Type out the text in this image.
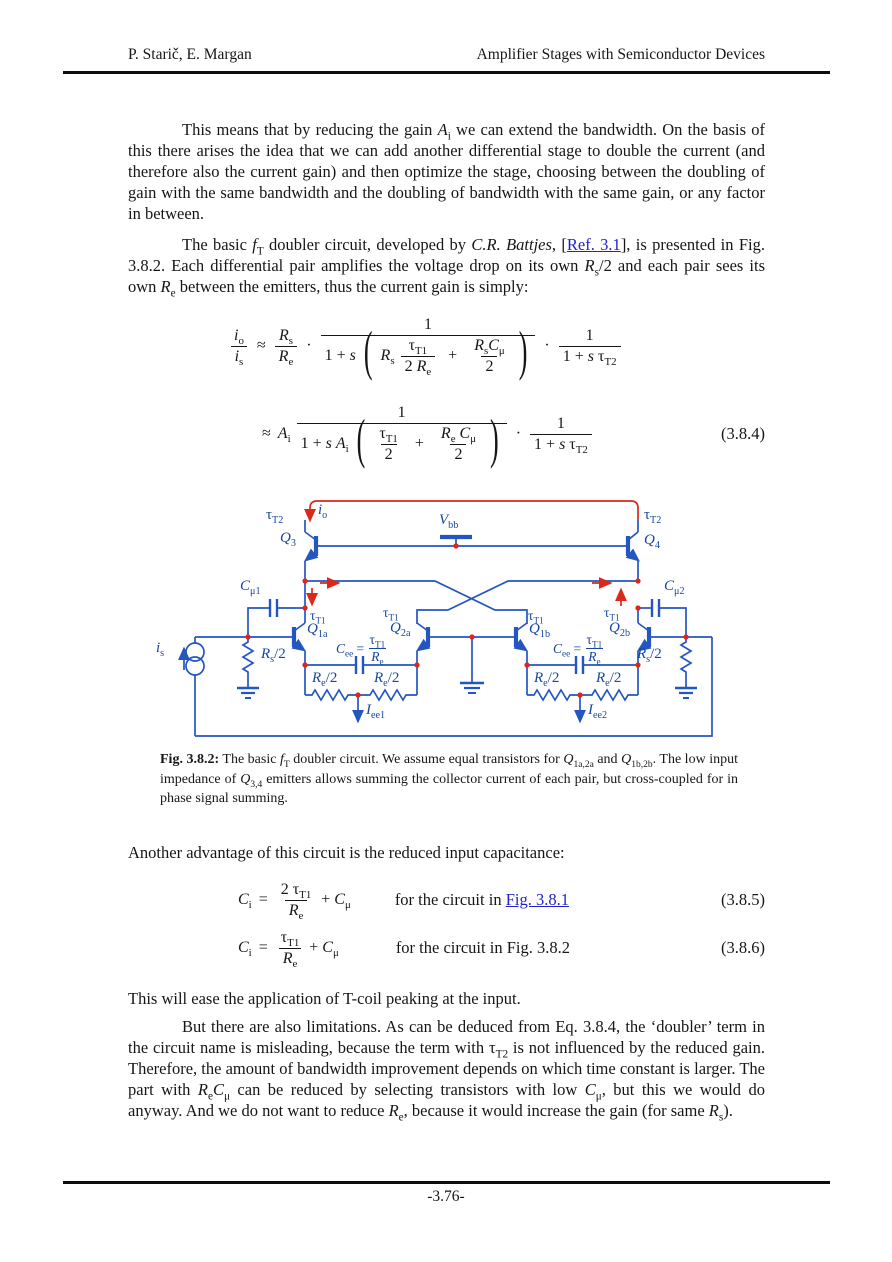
P. Starič, E. Margan	Amplifier Stages with Semiconductor Devices
This means that by reducing the gain $A_i$ we can extend the bandwidth. On the basis of this there arises the idea that we can add another differential stage to double the current (and therefore also the current gain) and then optimize the stage, choosing between the doubling of gain with the same bandwidth and the doubling of bandwidth with the same gain, or any factor in between.
The basic $f_T$ doubler circuit, developed by C.R. Battjes, [Ref. 3.1], is presented in Fig. 3.8.2. Each differential pair amplifies the voltage drop on its own $R_s/2$ and each pair sees its own $R_e$ between the emitters, thus the current gain is simply:
$\frac{i_o}{i_s} \approx \frac{R_s}{R_e}$ ·
1
1 + s ( $R_s \frac{\tau_{T1}}{2 R_e} + \frac{R_sC_\mu}{2}$ )	· $\frac{1}{1 + s \tau_{T2}}$
≈ $A_i$
1
1 + s $A_i$ ( $\frac{\tau_{T1}}{2} + \frac{R_e C_\mu}{2}$ )	· $\frac{1}{1 + s \tau_{T2}}$	(3.8.4)
$\tau_{T2}$
$Q_3$
$i_o$	$V_{bb}$
$\tau_{T2}$
$Q_4$
$C_{\mu 1}$	$C_{\mu 2}$
$\tau_{T1}$
$Q_{1a}$
$\tau_{T1}$
$Q_{2a}$
$\tau_{T1}$
$Q_{1b}$
$\tau_{T1}$
$Q_{2b}$
$C_{ee}$ =
$\frac{\tau_{T1}}{R_e}$	$C_{ee}$ =
$\frac{\tau_{T1}}{R_e}$
$i_s$	$R_s/2$	$R_s/2$
$R_e/2$ $R_e/2$	$R_e/2$ $R_e/2$
$I_{ee1}$	$I_{ee2}$
Fig. 3.8.2: The basic $f_T$ doubler circuit. We assume equal transistors for $Q_{1a,2a}$ and $Q_{1b,2b}$. The low input impedance of $Q_{3,4}$ emitters allows summing the collector current of each pair, but cross-coupled for in phase signal summing.
Another advantage of this circuit is the reduced input capacitance:
$C_i = \frac{2 \tau_{T1}}{R_e} + C_\mu$	for the circuit in Fig. 3.8.1	(3.8.5)
$C_i = \frac{\tau_{T1}}{R_e} + C_\mu$	for the circuit in Fig. 3.8.2	(3.8.6)
This will ease the application of T-coil peaking at the input.
But there are also limitations. As can be deduced from Eq. 3.8.4, the ‘doubler’ term in the circuit name is misleading, because the term with $\tau_{T2}$ is not influenced by the reduced gain. Therefore, the amount of bandwidth improvement depends on which time constant is larger. The part with $R_eC_\mu$ can be reduced by selecting transistors with low $C_\mu$, but this we would do anyway. And we do not want to reduce $R_e$, because it would increase the gain (for same $R_s$).
-3.76-
